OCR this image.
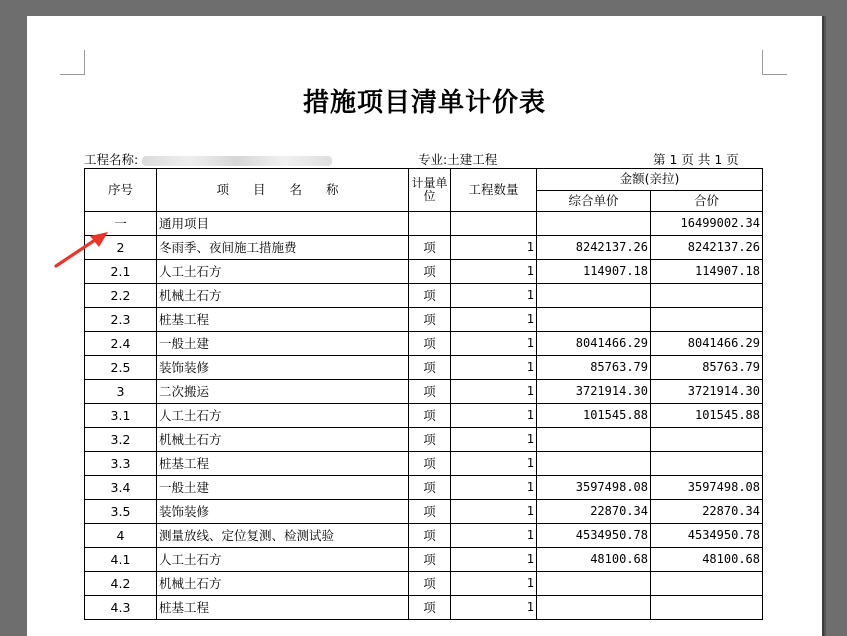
措施项目清单计价表
工程名称:	专业:土建工程	第 1 页 共 1 页
序号	项 目 名 称	计量单位	工程数量	金额(亲拉)	
				综合单价	合价
一	通用项目				16499002.34
2	冬雨季、夜间施工措施费	项	1	8242137.26	8242137.26
2.1	人工土石方	项	1	114907.18	114907.18
2.2	机械土石方	项	1		
2.3	桩基工程	项	1		
2.4	一般土建	项	1	8041466.29	8041466.29
2.5	装饰装修	项	1	85763.79	85763.79
3	二次搬运	项	1	3721914.30	3721914.30
3.1	人工土石方	项	1	101545.88	101545.88
3.2	机械土石方	项	1		
3.3	桩基工程	项	1		
3.4	一般土建	项	1	3597498.08	3597498.08
3.5	装饰装修	项	1	22870.34	22870.34
4	测量放线、定位复测、检测试验	项	1	4534950.78	4534950.78
4.1	人工土石方	项	1	48100.68	48100.68
4.2	机械土石方	项	1		
4.3	桩基工程	项	1		
